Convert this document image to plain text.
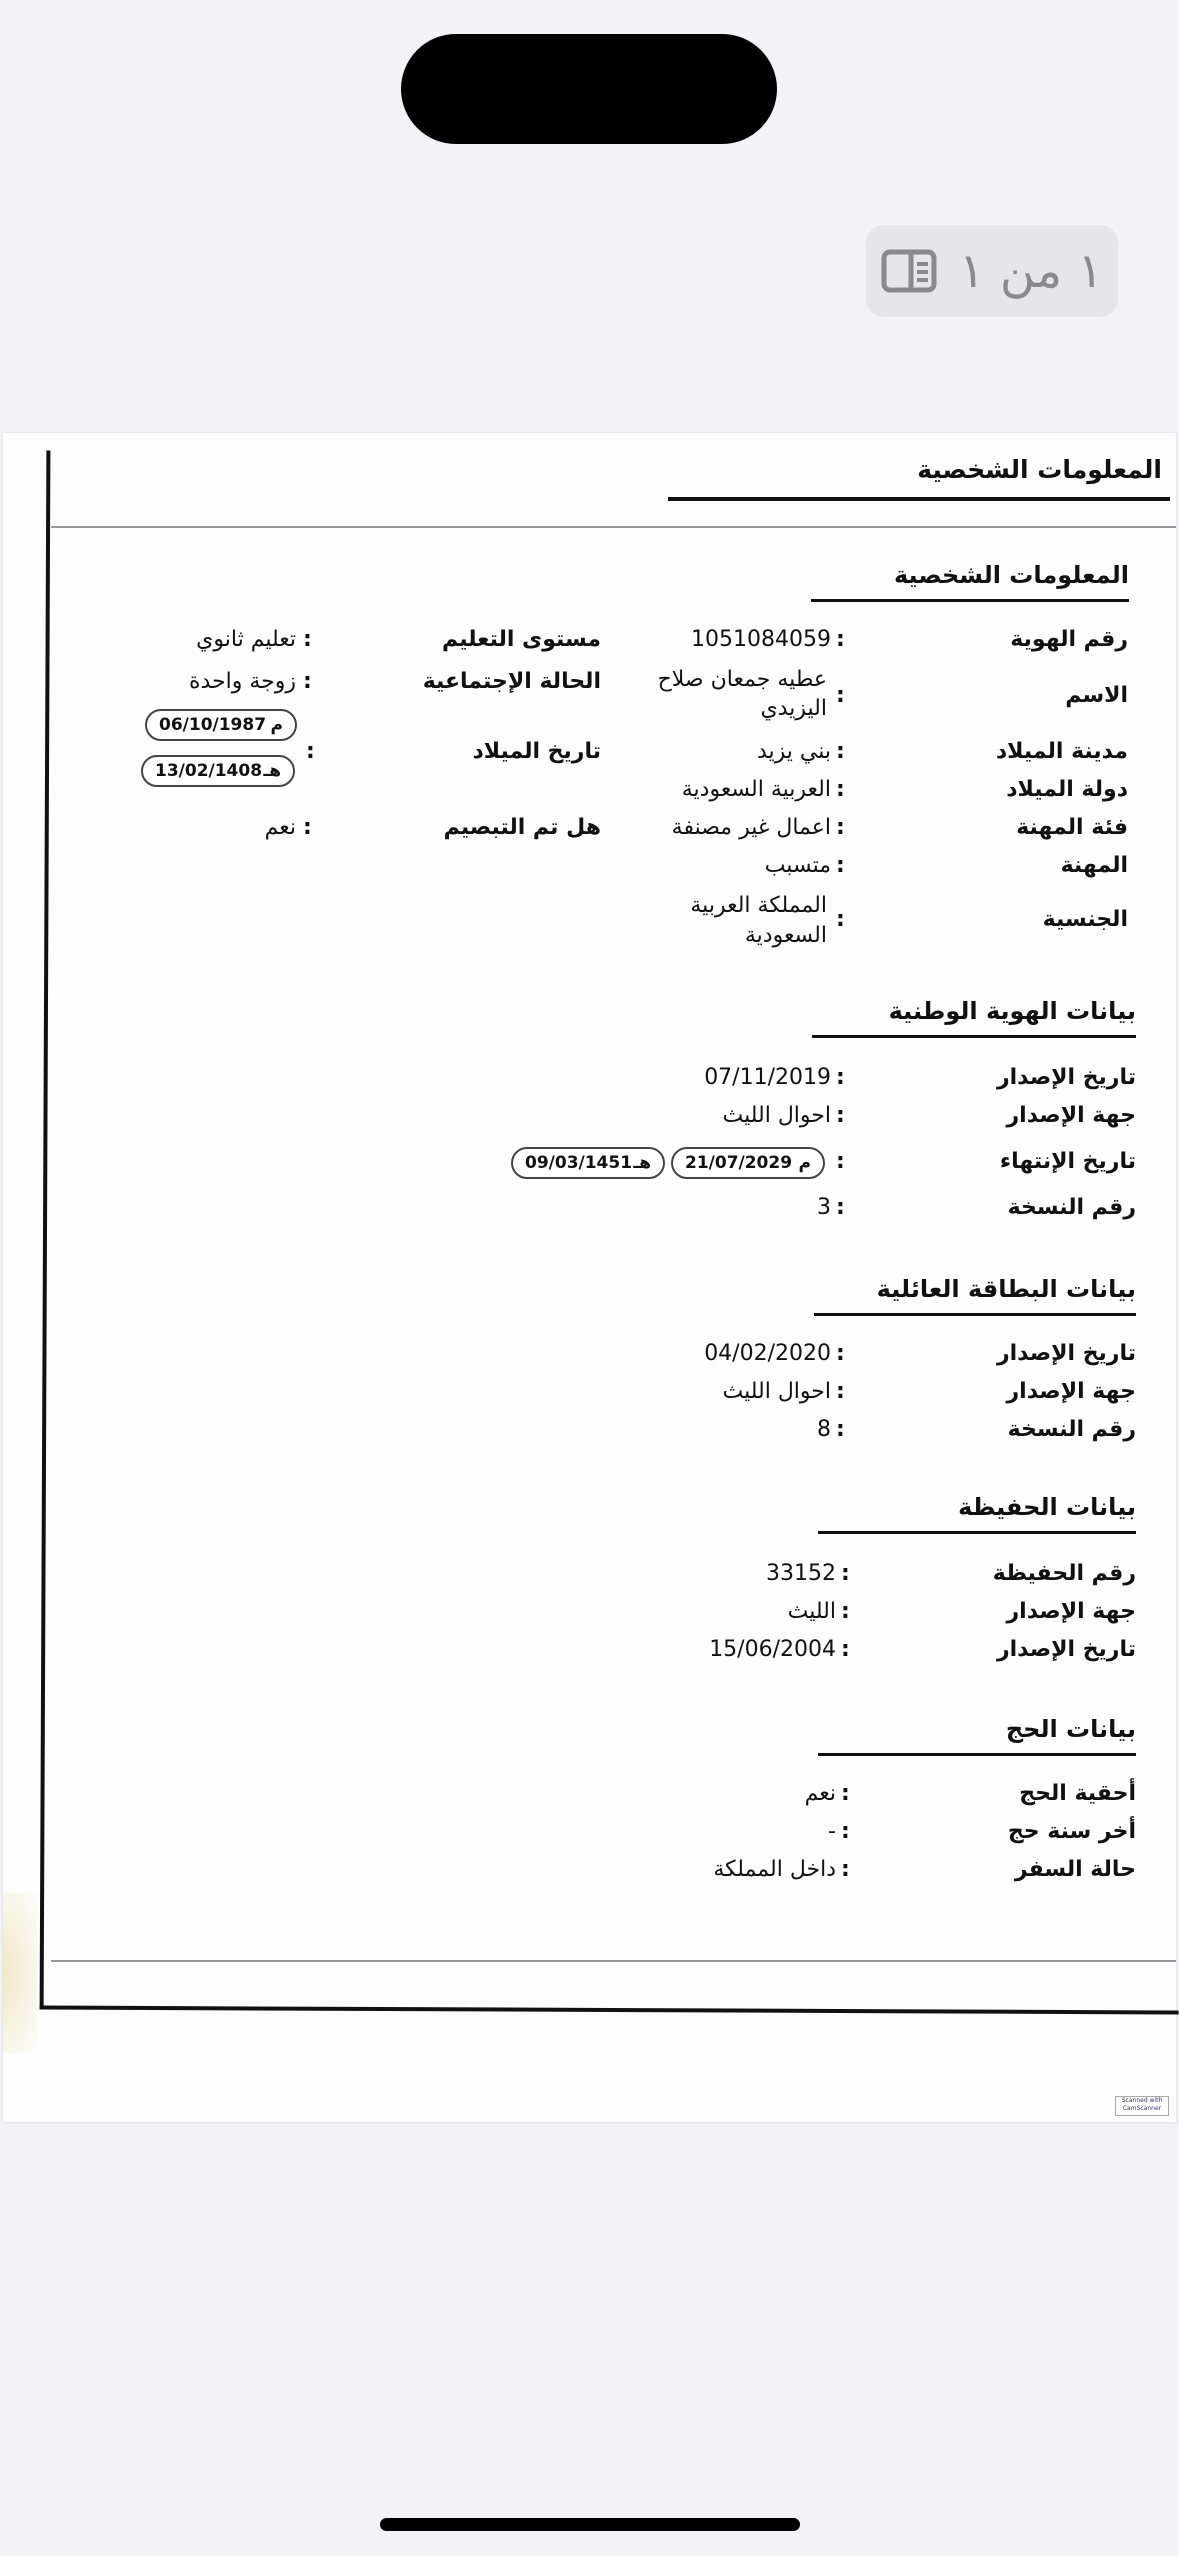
١ من ١
المعلومات الشخصية
المعلومات الشخصية
رقم الهوية
:
1051084059
الاسم
:
عطيه جمعان صلاح
اليزيدي
مدينة الميلاد
:
بني يزيد
دولة الميلاد
:
العربية السعودية
فئة المهنة
:
اعمال غير مصنفة
المهنة
:
متسبب
الجنسية
:
المملكة العربية
السعودية
مستوى التعليم
:
تعليم ثانوي
الحالة الإجتماعية
:
زوجة واحدة
تاريخ الميلاد
:
06/10/1987 م
13/02/1408 هـ
هل تم التبصيم
:
نعم
بيانات الهوية الوطنية
تاريخ الإصدار
:
07/11/2019
جهة الإصدار
:
احوال الليث
تاريخ الإنتهاء
:
21/07/2029 م
09/03/1451 هـ
رقم النسخة
:
3
بيانات البطاقة العائلية
تاريخ الإصدار
:
04/02/2020
جهة الإصدار
:
احوال الليث
رقم النسخة
:
8
بيانات الحفيظة
رقم الحفيظة
:
33152
جهة الإصدار
:
الليث
تاريخ الإصدار
:
15/06/2004
بيانات الحج
أحقية الحج
:
نعم
أخر سنة حج
:
-
حالة السفر
:
داخل المملكة
Scanned with CamScanner
